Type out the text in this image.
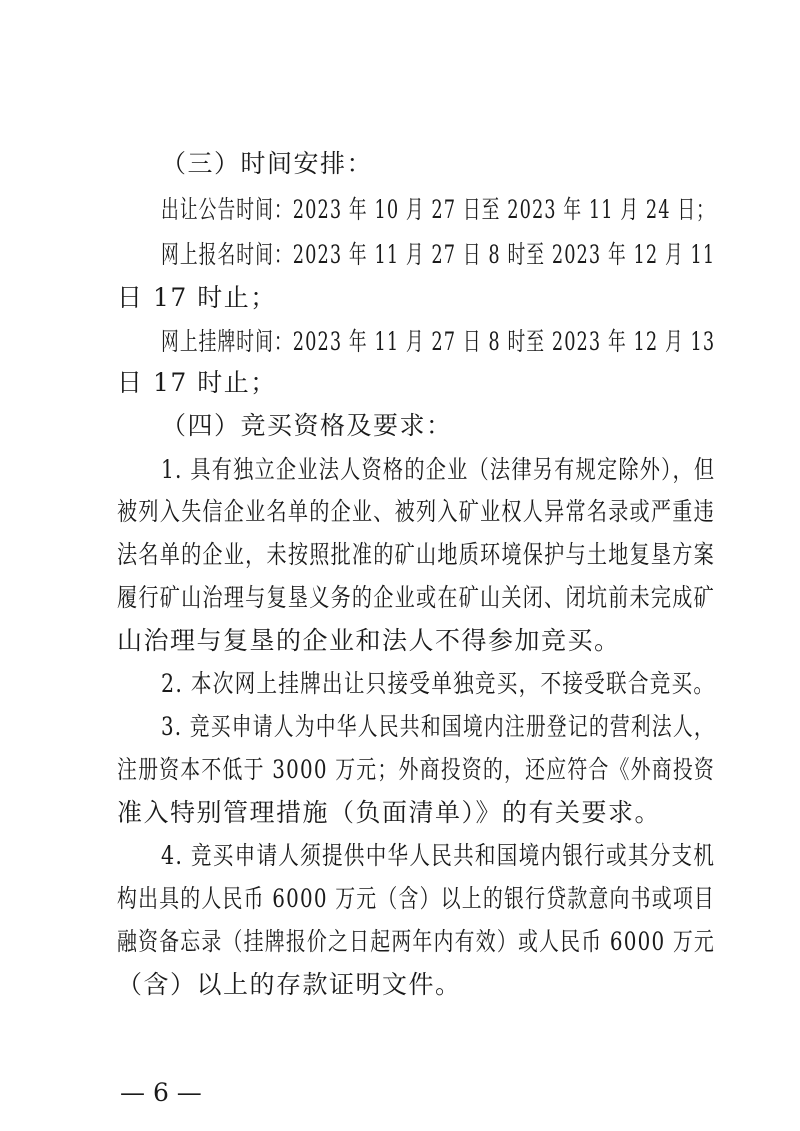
（三）时间安排：
出让公告时间：2023 年 10 月 27 日至 2023 年 11 月 24 日；
网上报名时间：2023 年 11 月 27 日 8 时至 2023 年 12 月 11
日 17 时止；
网上挂牌时间：2023 年 11 月 27 日 8 时至 2023 年 12 月 13
日 17 时止；
（四）竞买资格及要求：
1. 具有独立企业法人资格的企业（法律另有规定除外），但
被列入失信企业名单的企业、被列入矿业权人异常名录或严重违
法名单的企业，未按照批准的矿山地质环境保护与土地复垦方案
履行矿山治理与复垦义务的企业或在矿山关闭、闭坑前未完成矿
山治理与复垦的企业和法人不得参加竞买。
2. 本次网上挂牌出让只接受单独竞买，不接受联合竞买。
3. 竞买申请人为中华人民共和国境内注册登记的营利法人，
注册资本不低于 3000 万元；外商投资的，还应符合《外商投资
准入特别管理措施（负面清单）》的有关要求。
4. 竞买申请人须提供中华人民共和国境内银行或其分支机
构出具的人民币 6000 万元（含）以上的银行贷款意向书或项目
融资备忘录（挂牌报价之日起两年内有效）或人民币 6000 万元
（含）以上的存款证明文件。
— 6 —
